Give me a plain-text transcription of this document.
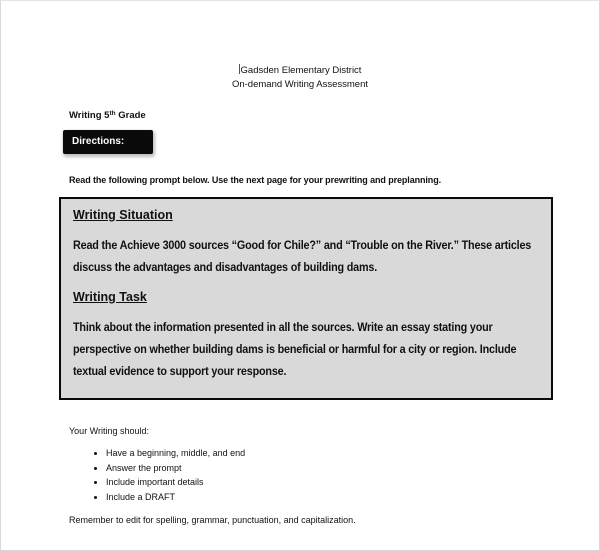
Gadsden Elementary District
On-demand Writing Assessment
Writing 5th Grade
Directions:

Read the following prompt below. Use the next page for your prewriting and preplanning.

Writing Situation

Read the Achieve 3000 sources “Good for Chile?” and “Trouble on the River.” These articles discuss the advantages and disadvantages of building dams.

Writing Task

Think about the information presented in all the sources. Write an essay stating your perspective on whether building dams is beneficial or harmful for a city or region. Include textual evidence to support your response.

Your Writing should:

• Have a beginning, middle, and end
• Answer the prompt
• Include important details
• Include a DRAFT

Remember to edit for spelling, grammar, punctuation, and capitalization.
